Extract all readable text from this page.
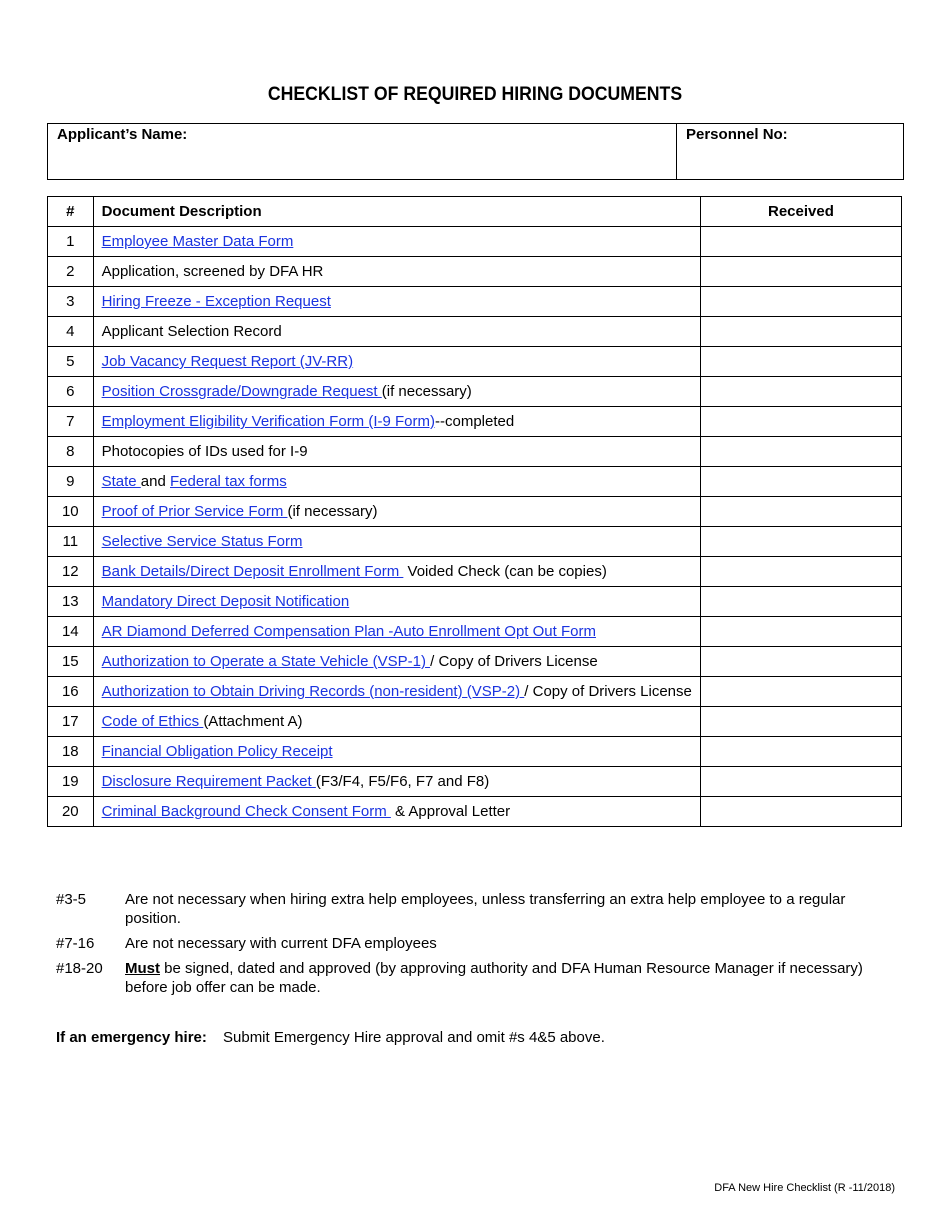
CHECKLIST OF REQUIRED HIRING DOCUMENTS
Applicant’s Name:	Personnel No:
#	Document Description	Received
1	Employee Master Data Form	
2	Application, screened by DFA HR	
3	Hiring Freeze - Exception Request	
4	Applicant Selection Record	
5	Job Vacancy Request Report (JV-RR)	
6	Position Crossgrade/Downgrade Request (if necessary)	
7	Employment Eligibility Verification Form (I-9 Form)--completed	
8	Photocopies of IDs used for I-9	
9	State and Federal tax forms	
10	Proof of Prior Service Form (if necessary)	
11	Selective Service Status Form	
12	Bank Details/Direct Deposit Enrollment Form  Voided Check (can be copies)	
13	Mandatory Direct Deposit Notification	
14	AR Diamond Deferred Compensation Plan -Auto Enrollment Opt Out Form	
15	Authorization to Operate a State Vehicle (VSP-1) / Copy of Drivers License	
16	Authorization to Obtain Driving Records (non-resident) (VSP-2) / Copy of Drivers License	
17	Code of Ethics (Attachment A)	
18	Financial Obligation Policy Receipt	
19	Disclosure Requirement Packet (F3/F4, F5/F6, F7 and F8)	
20	Criminal Background Check Consent Form  & Approval Letter	
#3-5	Are not necessary when hiring extra help employees, unless transferring an extra help employee to a regular position.
#7-16	Are not necessary with current DFA employees
#18-20	Must be signed, dated and approved (by approving authority and DFA Human Resource Manager if necessary) before job offer can be made.
If an emergency hire:	Submit Emergency Hire approval and omit #s 4&5 above.
DFA New Hire Checklist (R -11/2018)
